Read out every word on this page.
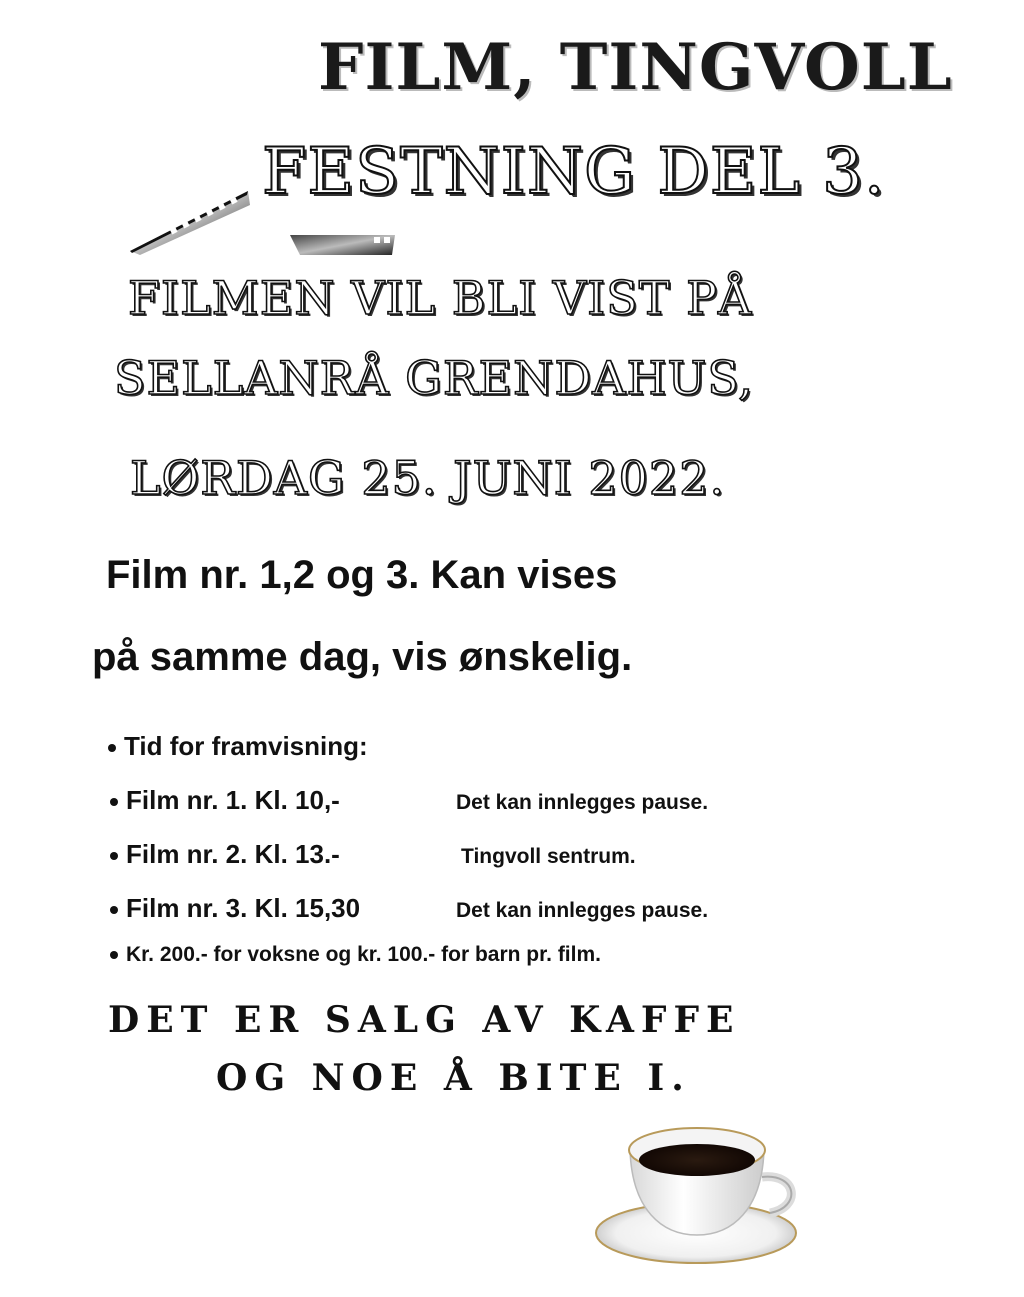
FILM, TINGVOLL
FESTNING DEL 3.
FILMEN VIL BLI VIST PÅ
SELLANRÅ GRENDAHUS,
LØRDAG 25. JUNI 2022.
Film nr. 1,2 og 3. Kan vises
på samme dag, vis ønskelig.
Tid for framvisning:
Film nr. 1. Kl. 10,-	Det kan innlegges pause.
Film nr. 2. Kl. 13.-	Tingvoll sentrum.
Film nr. 3. Kl. 15,30	Det kan innlegges pause.
Kr. 200.- for voksne og kr. 100.- for barn pr. film.
DET ER SALG AV KAFFE
OG NOE Å BITE I.
